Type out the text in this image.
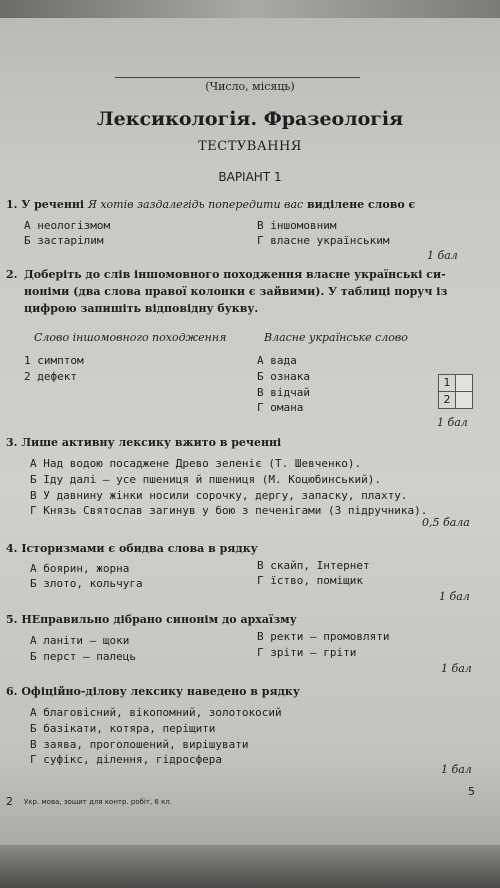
(Число, місяць)
Лексикологія. Фразеологія
ТЕСТУВАННЯ
ВАРІАНТ 1
1. У реченні Я хотів заздалегідь попередити вас виділене слово є
А неологізмом
Б застарілим
В іншомовним
Г власне українським
1 бал
2. Доберіть до слів іншомовного походження власне українські си-
ноніми (два слова правої колонки є зайвими). У таблиці поруч із
цифрою запишіть відповідну букву.
Слово іншомовного походження	Власне українське слово
1 симптом
2 дефект
А вада
Б ознака
В відчай
Г омана
1
2
1 бал
3. Лише активну лексику вжито в реченні
А Над водою посаджене Древо зеленіє (Т. Шевченко).
Б Іду далі – усе пшениця й пшениця (М. Коцюбинський).
В У давнину жінки носили сорочку, дергу, запаску, плахту.
Г Князь Святослав загинув у бою з печенігами (З підручника).
0,5 бала
4. Історизмами є обидва слова в рядку
А боярин, жорна
Б злото, кольчуга
В скайп, Інтернет
Г їство, поміщик
1 бал
5. НЕправильно дібрано синонім до архаїзму
А ланіти – щоки
Б перст – палець
В ректи – промовляти
Г зріти – гріти
1 бал
6. Офіційно-ділову лексику наведено в рядку
А благовісний, вікопомний, золотокосий
Б базікати, котяра, періщити
В заява, проголошений, вирішувати
Г суфікс, ділення, гідросфера
1 бал
2 Укр. мова, зошит для контр. робіт, 6 кл.
5
